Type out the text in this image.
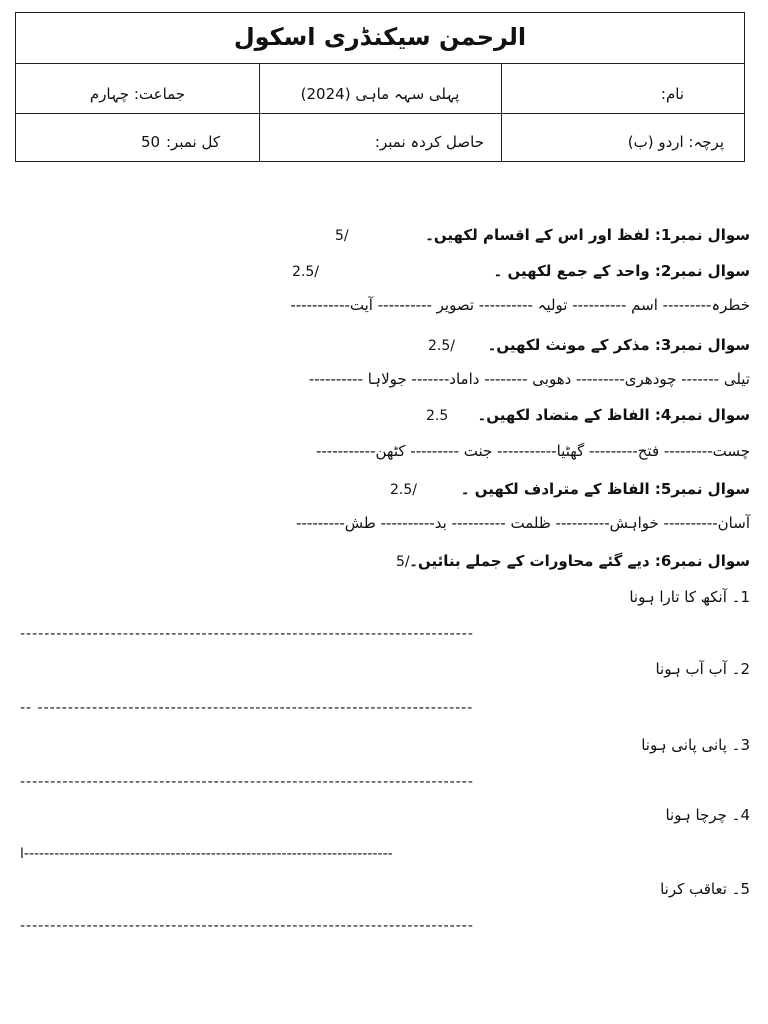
الرحمن سیکنڈری اسکول
نام:
پہلی سہہ ماہی (2024)
جماعت: چہارم
پرچہ: اردو (ب)
حاصل کردہ نمبر:
کل نمبر:
50
سوال نمبر1: لفظ اور اس کے اقسام لکھیں۔
5/
سوال نمبر2: واحد کے جمع لکھیں ۔
2.5/
خطرہ--------- اسم ---------- تولیہ ---------- تصویر ---------- آیت-----------
سوال نمبر3: مذکر کے مونث لکھیں۔
2.5/
تیلی ------- چودھری--------- دھوبی -------- داماد------- جولاہا ----------
سوال نمبر4: الفاظ کے متضاد لکھیں۔
2.5
چست--------- فتح--------- گھٹیا----------- جنت --------- کٹھن-----------
سوال نمبر5: الفاظ کے مترادف لکھیں ۔
2.5/
آسان---------- خواہش---------- ظلمت ---------- بد---------- طش---------
سوال نمبر6: دیے گئے محاورات کے جملے بنائیں۔
5/
1۔ آنکھ کا تارا ہونا
---------------------------------------------------------------------------
2۔ آب آب ہونا
-- ------------------------------------------------------------------------
3۔ پانی پانی ہونا
---------------------------------------------------------------------------
4۔ چرچا ہونا
ا-------------------------------------------------------------------------
5۔ تعاقب کرنا
---------------------------------------------------------------------------
